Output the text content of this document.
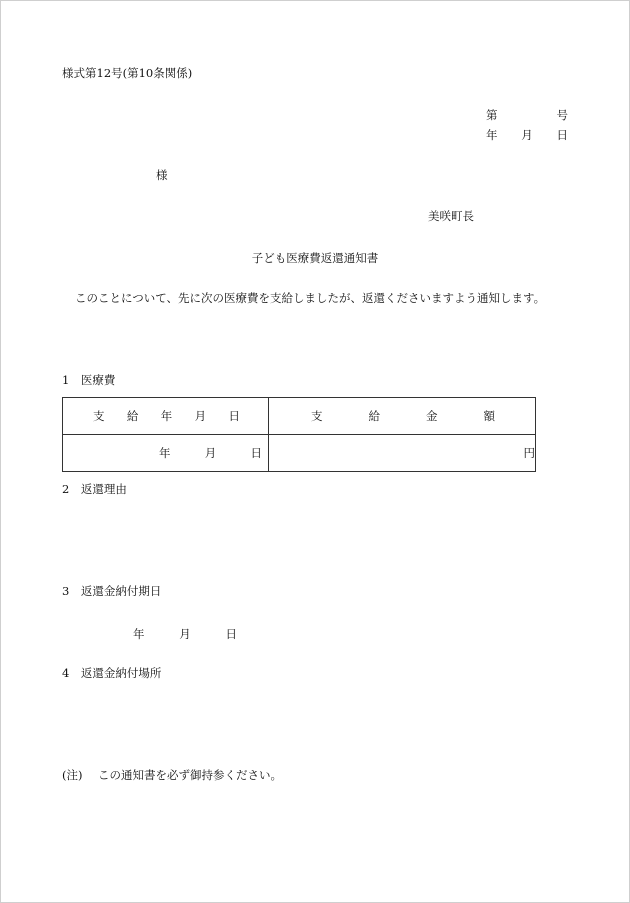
様式第12号(第10条関係)
第	号
年 月 日
様
美咲町長
子ども医療費返還通知書
このことについて、先に次の医療費を支給しましたが、返還くださいますよう通知します。
1　医療費
支 給 年 月 日	支 給 金 額

年 月 日	円
2　返還理由
3　返還金納付期日
年	月	日
4　返還金納付場所
(注) この通知書を必ず御持参ください。
